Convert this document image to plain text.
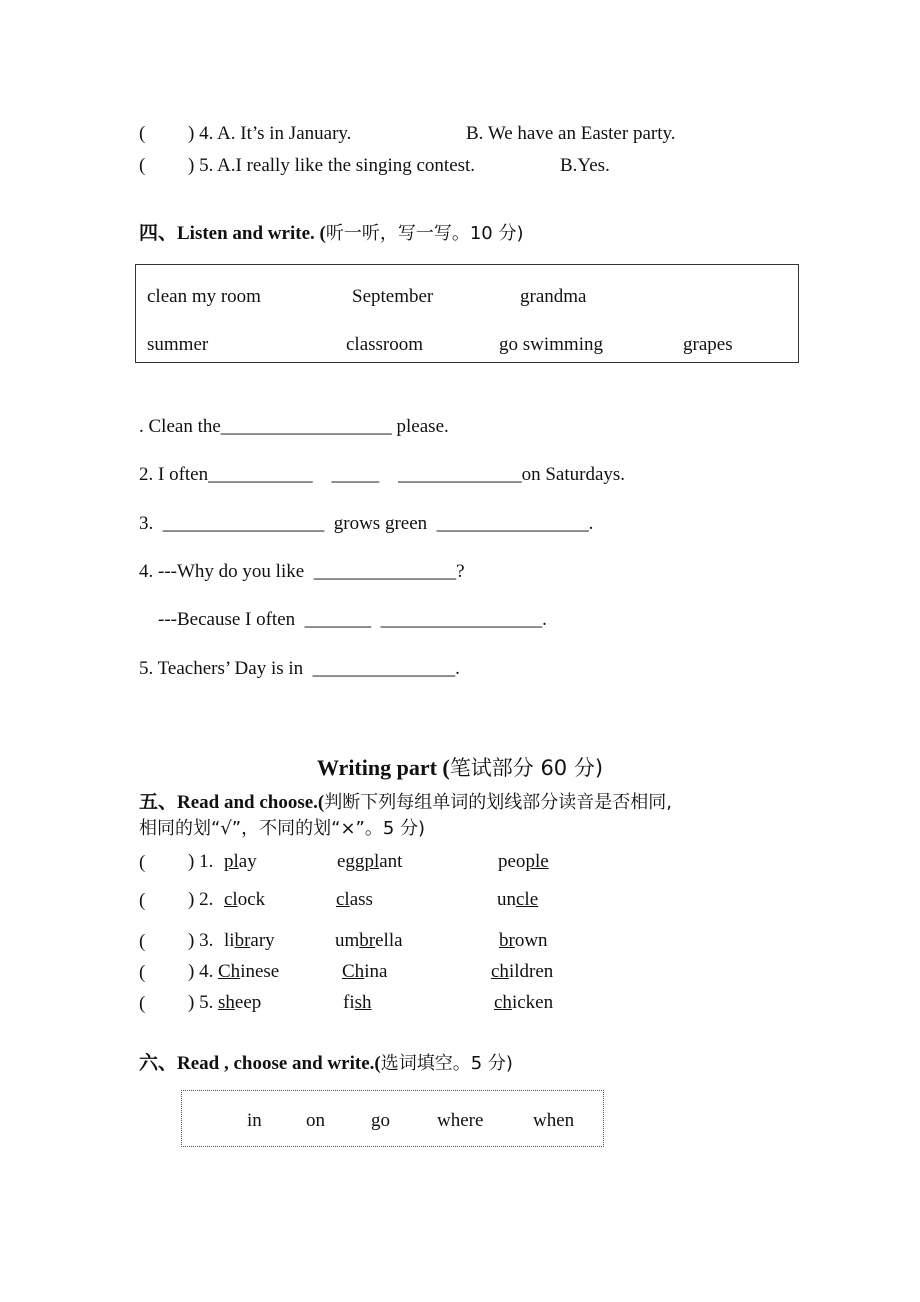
( ) 4. A. It’s in January.	B. We have an Easter party.
( ) 5. A.I really like the singing contest.	B.Yes.
四、Listen and write. (听一听，写一写。10 分)
clean my room	September	grandma
summer	classroom	go swimming	grapes
. Clean the__________________ please.
2. I often___________    _____    _____________on Saturdays.
3.  _________________  grows green  ________________.
4. ---Why do you like  _______________?
---Because I often  _______  _________________.
5. Teachers’ Day is in  _______________.
Writing part (笔试部分 60 分)
五、Read and choose.(判断下列每组单词的划线部分读音是否相同,
相同的划“√”，不同的划“×”。5 分)
( ) 1. play	eggplant	people
( ) 2. clock	class	uncle
( ) 3. library	umbrella	brown
( ) 4. Chinese	China	children
( ) 5. sheep	fish	chicken
六、Read , choose and write.(选词填空。5 分)
in on go where	when
